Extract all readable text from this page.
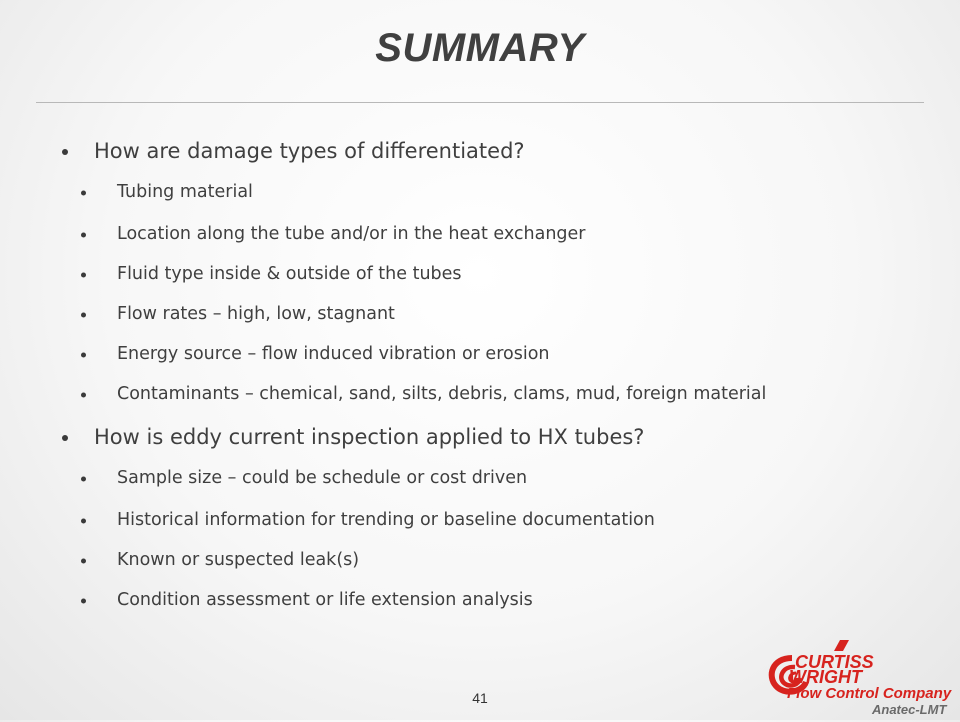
SUMMARY
How are damage types of differentiated?
Tubing material
Location along the tube and/or in the heat exchanger
Fluid type inside & outside of the tubes
Flow rates – high, low, stagnant
Energy source – flow induced vibration or erosion
Contaminants – chemical, sand, silts, debris, clams, mud, foreign material
How is eddy current inspection applied to HX tubes?
Sample size – could be schedule or cost driven
Historical information for trending or baseline documentation
Known or suspected leak(s)
Condition assessment or life extension analysis
41
CURTISS
WRIGHT
Flow Control Company
Anatec-LMT
